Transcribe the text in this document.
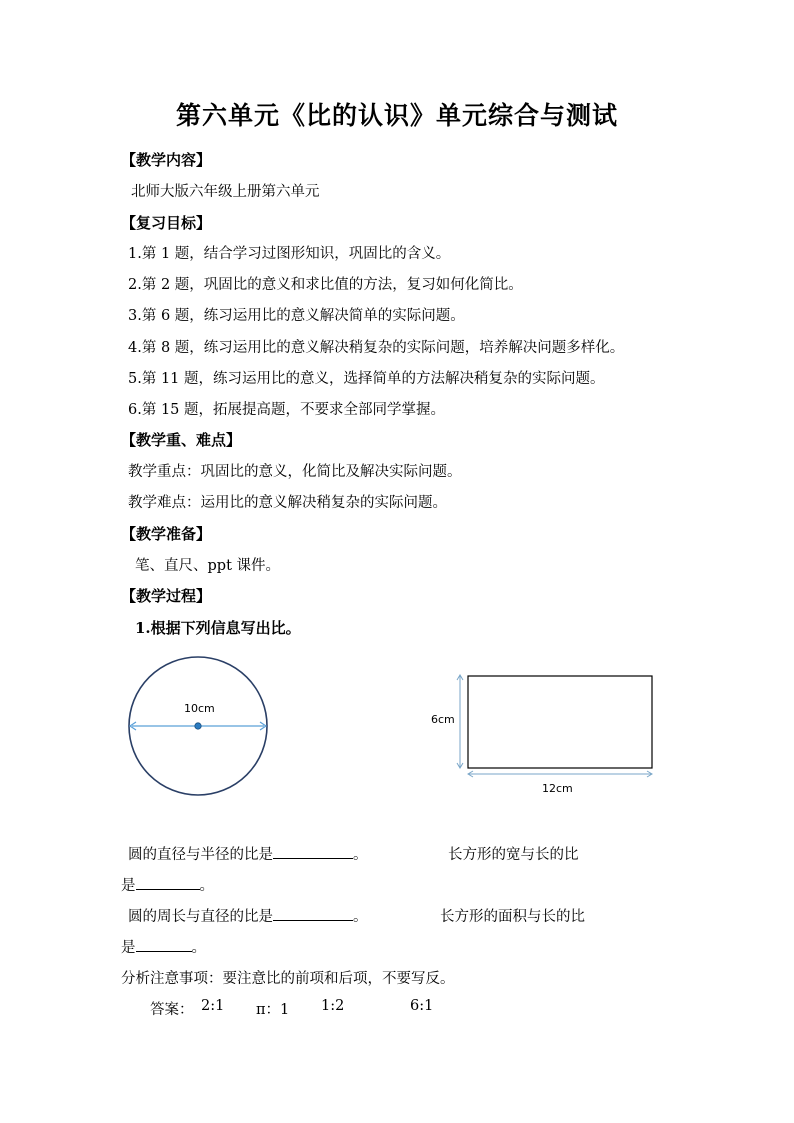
第六单元《比的认识》单元综合与测试
【教学内容】
北师大版六年级上册第六单元
【复习目标】
1.第 1 题，结合学习过图形知识，巩固比的含义。
2.第 2 题，巩固比的意义和求比值的方法，复习如何化简比。
3.第 6 题，练习运用比的意义解决简单的实际问题。
4.第 8 题，练习运用比的意义解决稍复杂的实际问题，培养解决问题多样化。
5.第 11 题，练习运用比的意义，选择简单的方法解决稍复杂的实际问题。
6.第 15 题，拓展提高题，不要求全部同学掌握。
【教学重、难点】
教学重点：巩固比的意义，化简比及解决实际问题。
教学难点：运用比的意义解决稍复杂的实际问题。
【教学准备】
笔、直尺、ppt 课件。
【教学过程】
1.根据下列信息写出比。
10cm
6cm
12cm
圆的直径与半径的比是	。	长方形的宽与长的比
是	。
圆的周长与直径的比是	。	长方形的面积与长的比
是	。
分析注意事项：要注意比的前项和后项，不要写反。
答案： 2:1 π：1 1:2	6:1
